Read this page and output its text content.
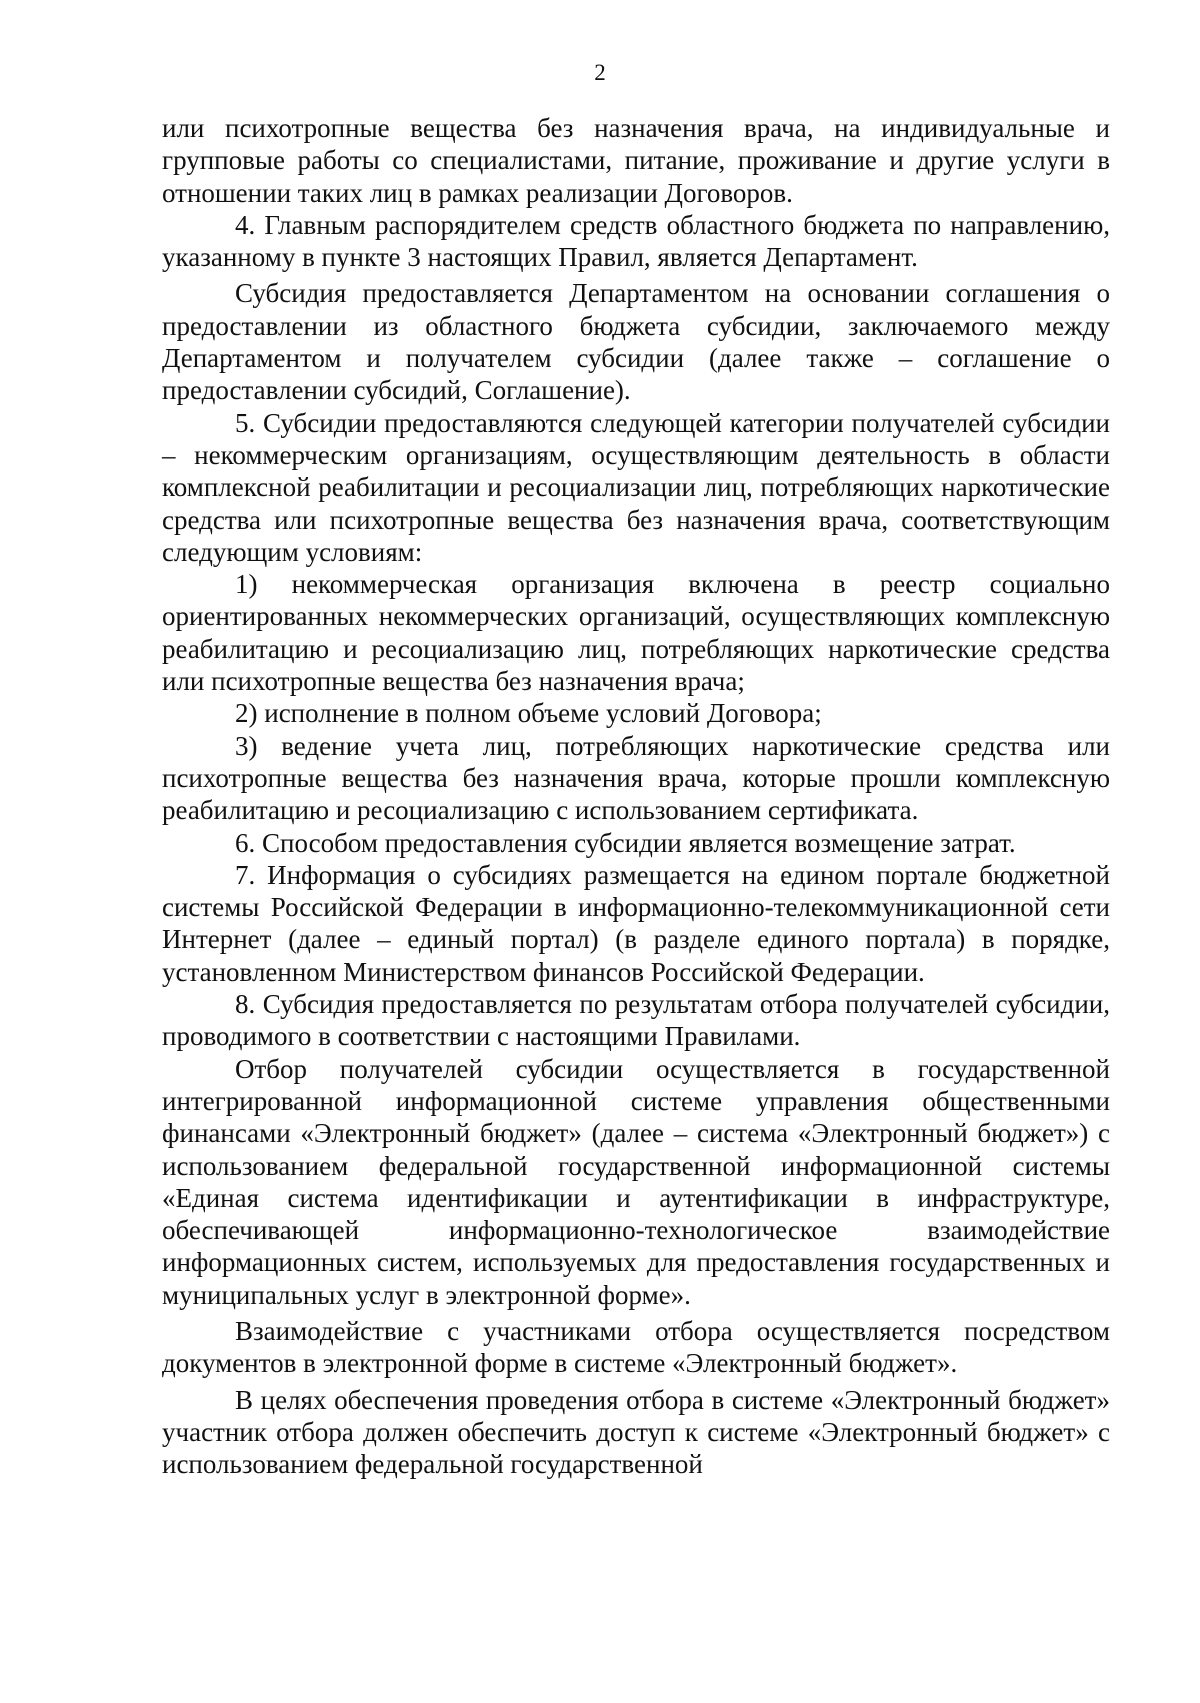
2

или психотропные вещества без назначения врача, на индивидуальные и групповые работы со специалистами, питание, проживание и другие услуги в отношении таких лиц в рамках реализации Договоров.

4. Главным распорядителем средств областного бюджета по направлению, указанному в пункте 3 настоящих Правил, является Департамент.

Субсидия предоставляется Департаментом на основании соглашения о предоставлении из областного бюджета субсидии, заключаемого между Департаментом и получателем субсидии (далее также – соглашение о предоставлении субсидий, Соглашение).

5. Субсидии предоставляются следующей категории получателей субсидии – некоммерческим организациям, осуществляющим деятельность в области комплексной реабилитации и ресоциализации лиц, потребляющих наркотические средства или психотропные вещества без назначения врача, соответствующим следующим условиям:

1) некоммерческая организация включена в реестр социально ориентированных некоммерческих организаций, осуществляющих комплексную реабилитацию и ресоциализацию лиц, потребляющих наркотические средства или психотропные вещества без назначения врача;

2) исполнение в полном объеме условий Договора;

3) ведение учета лиц, потребляющих наркотические средства или психотропные вещества без назначения врача, которые прошли комплексную реабилитацию и ресоциализацию с использованием сертификата.

6. Способом предоставления субсидии является возмещение затрат.

7. Информация о субсидиях размещается на едином портале бюджетной системы Российской Федерации в информационно-телекоммуникационной сети Интернет (далее – единый портал) (в разделе единого портала) в порядке, установленном Министерством финансов Российской Федерации.

8. Субсидия предоставляется по результатам отбора получателей субсидии, проводимого в соответствии с настоящими Правилами.

Отбор получателей субсидии осуществляется в государственной интегрированной информационной системе управления общественными финансами «Электронный бюджет» (далее – система «Электронный бюджет») с использованием федеральной государственной информационной системы «Единая система идентификации и аутентификации в инфраструктуре, обеспечивающей информационно-технологическое взаимодействие информационных систем, используемых для предоставления государственных и муниципальных услуг в электронной форме».

Взаимодействие с участниками отбора осуществляется посредством документов в электронной форме в системе «Электронный бюджет».

В целях обеспечения проведения отбора в системе «Электронный бюджет» участник отбора должен обеспечить доступ к системе «Электронный бюджет» с использованием федеральной государственной
